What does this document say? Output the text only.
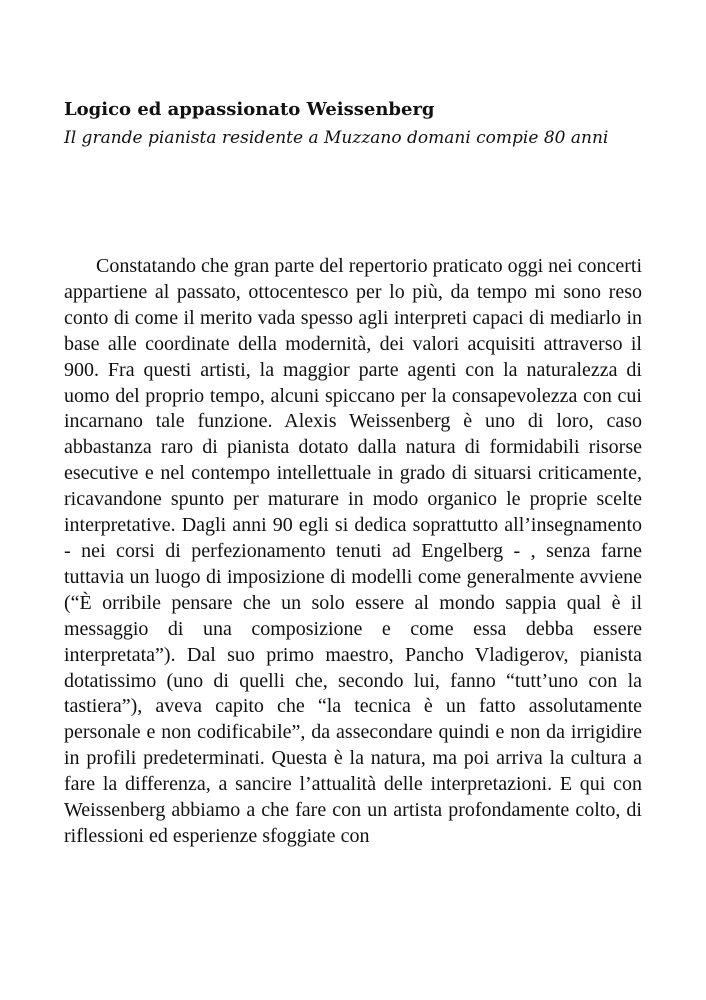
Logico ed appassionato Weissenberg

Il grande pianista residente a Muzzano domani compie 80 anni

Constatando che gran parte del repertorio praticato oggi nei concerti appartiene al passato, ottocentesco per lo più, da tempo mi sono reso conto di come il merito vada spesso agli interpreti capaci di mediarlo in base alle coordinate della modernità, dei valori acquisiti attraverso il 900. Fra questi artisti, la maggior parte agenti con la naturalezza di uomo del proprio tempo, alcuni spiccano per la consapevolezza con cui incarnano tale funzione. Alexis Weissenberg è uno di loro, caso abbastanza raro di pianista dotato dalla natura di formidabili risorse esecutive e nel contempo intellettuale in grado di situarsi criticamente, ricavandone spunto per maturare in modo organico le proprie scelte interpretative. Dagli anni 90 egli si dedica soprattutto all’insegnamento - nei corsi di perfezionamento tenuti ad Engelberg - , senza farne tuttavia un luogo di imposizione di modelli come generalmente avviene (“È orribile pensare che un solo essere al mondo sappia qual è il messaggio di una composizione e come essa debba essere interpretata”). Dal suo primo maestro, Pancho Vladigerov, pianista dotatissimo (uno di quelli che, secondo lui, fanno “tutt’uno con la tastiera”), aveva capito che “la tecnica è un fatto assolutamente personale e non codificabile”, da assecondare quindi e non da irrigidire in profili predeterminati. Questa è la natura, ma poi arriva la cultura a fare la differenza, a sancire l’attualità delle interpretazioni. E qui con Weissenberg abbiamo a che fare con un artista profondamente colto, di riflessioni ed esperienze sfoggiate con
